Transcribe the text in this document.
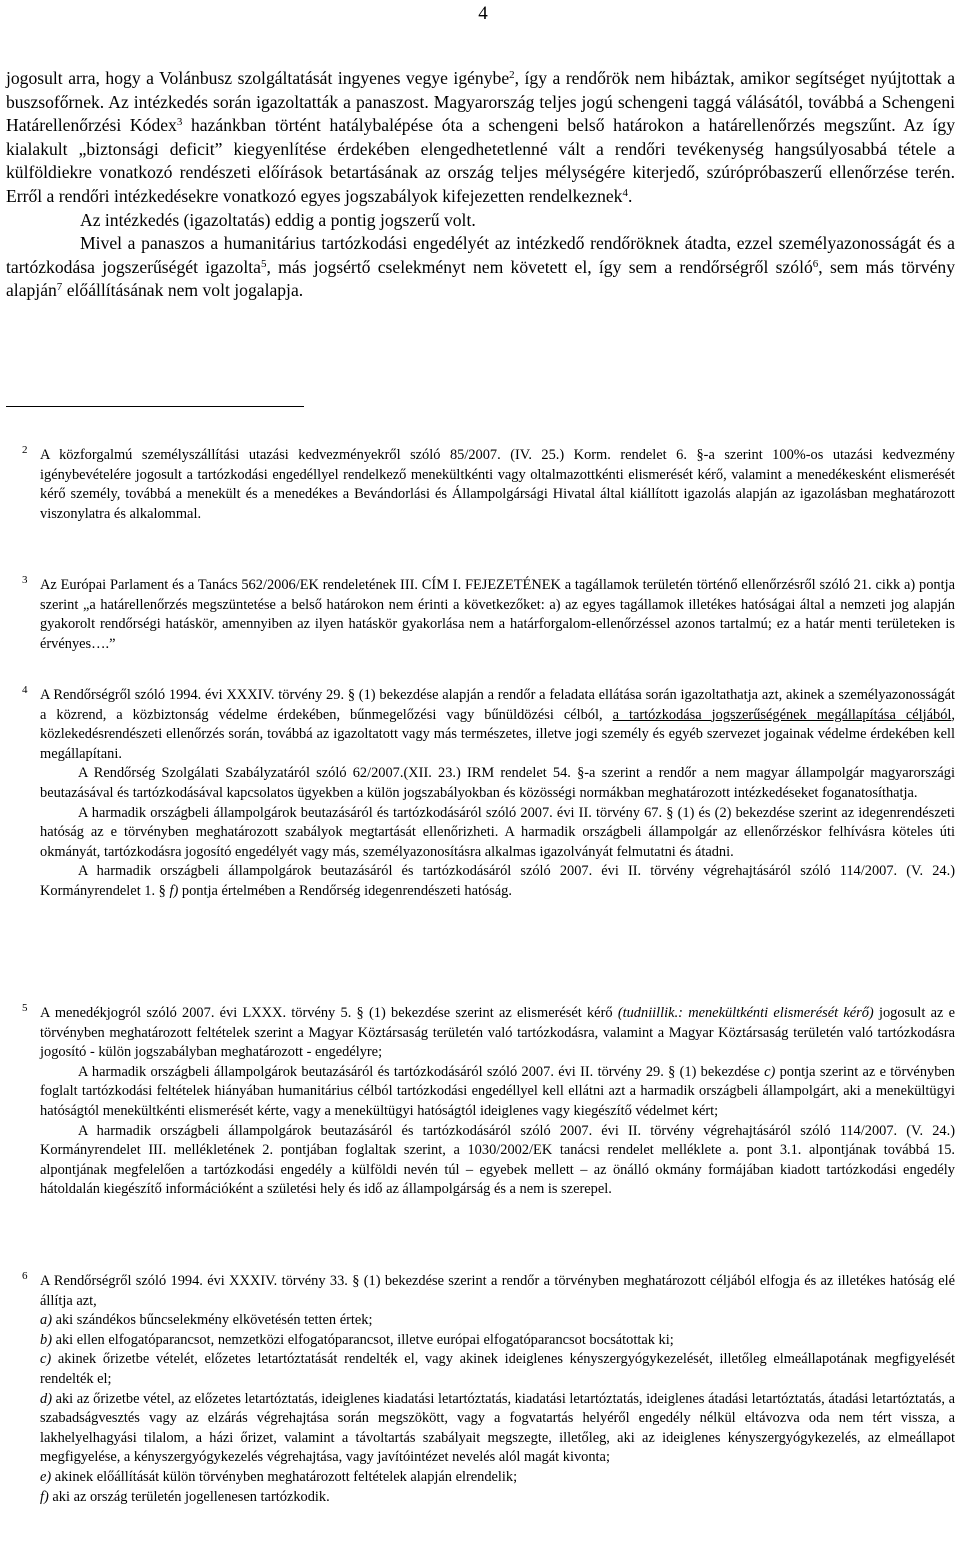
4

jogosult arra, hogy a Volánbusz szolgáltatását ingyenes vegye igénybe$^2$, így a rendőrök nem hibáztak, amikor segítséget nyújtottak a buszsofőrnek. Az intézkedés során igazoltatták a panaszost. Magyarország teljes jogú schengeni taggá válásától, továbbá a Schengeni Határellenőrzési Kódex$^3$ hazánkban történt hatálybalépése óta a schengeni belső határokon a határellenőrzés megszűnt. Az így kialakult „biztonsági deficit” kiegyenlítése érdekében elengedhetetlenné vált a rendőri tevékenység hangsúlyosabbá tétele a külföldiekre vonatkozó rendészeti előírások betartásának az ország teljes mélységére kiterjedő, szúrópróbaszerű ellenőrzése terén. Erről a rendőri intézkedésekre vonatkozó egyes jogszabályok kifejezetten rendelkeznek$^4$.

Az intézkedés (igazoltatás) eddig a pontig jogszerű volt.

Mivel a panaszos a humanitárius tartózkodási engedélyét az intézkedő rendőröknek átadta, ezzel személyazonosságát és a tartózkodása jogszerűségét igazolta$^5$, más jogsértő cselekményt nem követett el, így sem a rendőrségről szóló$^6$, sem más törvény alapján$^7$ előállításának nem volt jogalapja.

2 A közforgalmú személyszállítási utazási kedvezményekről szóló 85/2007. (IV. 25.) Korm. rendelet 6. §-a szerint 100%-os utazási kedvezmény igénybevételére jogosult a tartózkodási engedéllyel rendelkező menekültkénti vagy oltalmazottkénti elismerését kérő, valamint a menedékesként elismerését kérő személy, továbbá a menekült és a menedékes a Bevándorlási és Állampolgársági Hivatal által kiállított igazolás alapján az igazolásban meghatározott viszonylatra és alkalommal.

3 Az Európai Parlament és a Tanács 562/2006/EK rendeletének III. CÍM I. FEJEZETÉNEK a tagállamok területén történő ellenőrzésről szóló 21. cikk a) pontja szerint „a határellenőrzés megszüntetése a belső határokon nem érinti a következőket: a) az egyes tagállamok illetékes hatóságai által a nemzeti jog alapján gyakorolt rendőrségi hatáskör, amennyiben az ilyen hatáskör gyakorlása nem a határforgalom-ellenőrzéssel azonos tartalmú; ez a határ menti területeken is érvényes….”

4 A Rendőrségről szóló 1994. évi XXXIV. törvény 29. § (1) bekezdése alapján a rendőr a feladata ellátása során igazoltathatja azt, akinek a személyazonosságát a közrend, a közbiztonság védelme érdekében, bűnmegelőzési vagy bűnüldözési célból, a tartózkodása jogszerűségének megállapítása céljából, közlekedésrendészeti ellenőrzés során, továbbá az igazoltatott vagy más természetes, illetve jogi személy és egyéb szervezet jogainak védelme érdekében kell megállapítani.

A Rendőrség Szolgálati Szabályzatáról szóló 62/2007.(XII. 23.) IRM rendelet 54. §-a szerint a rendőr a nem magyar állampolgár magyarországi beutazásával és tartózkodásával kapcsolatos ügyekben a külön jogszabályokban és közösségi normákban meghatározott intézkedéseket foganatosíthatja.

A harmadik országbeli állampolgárok beutazásáról és tartózkodásáról szóló 2007. évi II. törvény 67. § (1) és (2) bekezdése szerint az idegenrendészeti hatóság az e törvényben meghatározott szabályok megtartását ellenőrizheti. A harmadik országbeli állampolgár az ellenőrzéskor felhívásra köteles úti okmányát, tartózkodásra jogosító engedélyét vagy más, személyazonosításra alkalmas igazolványát felmutatni és átadni.

A harmadik országbeli állampolgárok beutazásáról és tartózkodásáról szóló 2007. évi II. törvény végrehajtásáról szóló 114/2007. (V. 24.) Kormányrendelet 1. § f) pontja értelmében a Rendőrség idegenrendészeti hatóság.

5 A menedékjogról szóló 2007. évi LXXX. törvény 5. § (1) bekezdése szerint az elismerését kérő (tudniillik.: menekültkénti elismerését kérő) jogosult az e törvényben meghatározott feltételek szerint a Magyar Köztársaság területén való tartózkodásra, valamint a Magyar Köztársaság területén való tartózkodásra jogosító - külön jogszabályban meghatározott - engedélyre;

A harmadik országbeli állampolgárok beutazásáról és tartózkodásáról szóló 2007. évi II. törvény 29. § (1) bekezdése c) pontja szerint az e törvényben foglalt tartózkodási feltételek hiányában humanitárius célból tartózkodási engedéllyel kell ellátni azt a harmadik országbeli állampolgárt, aki a menekültügyi hatóságtól menekültkénti elismerését kérte, vagy a menekültügyi hatóságtól ideiglenes vagy kiegészítő védelmet kért;

A harmadik országbeli állampolgárok beutazásáról és tartózkodásáról szóló 2007. évi II. törvény végrehajtásáról szóló 114/2007. (V. 24.) Kormányrendelet III. mellékletének 2. pontjában foglaltak szerint, a 1030/2002/EK tanácsi rendelet melléklete a. pont 3.1. alpontjának továbbá 15. alpontjának megfelelően a tartózkodási engedély a külföldi nevén túl – egyebek mellett – az önálló okmány formájában kiadott tartózkodási engedély hátoldalán kiegészítő információként a születési hely és idő az állampolgárság és a nem is szerepel.

6 A Rendőrségről szóló 1994. évi XXXIV. törvény 33. § (1) bekezdése szerint a rendőr a törvényben meghatározott céljából elfogja és az illetékes hatóság elé állítja azt,

a) aki szándékos bűncselekmény elkövetésén tetten értek;

b) aki ellen elfogatóparancsot, nemzetközi elfogatóparancsot, illetve európai elfogatóparancsot bocsátottak ki;

c) akinek őrizetbe vételét, előzetes letartóztatását rendelték el, vagy akinek ideiglenes kényszergyógykezelését, illetőleg elmeállapotának megfigyelését rendelték el;

d) aki az őrizetbe vétel, az előzetes letartóztatás, ideiglenes kiadatási letartóztatás, kiadatási letartóztatás, ideiglenes átadási letartóztatás, átadási letartóztatás, a szabadságvesztés vagy az elzárás végrehajtása során megszökött, vagy a fogvatartás helyéről engedély nélkül eltávozva oda nem tért vissza, a lakhelyelhagyási tilalom, a házi őrizet, valamint a távoltartás szabályait megszegte, illetőleg, aki az ideiglenes kényszergyógykezelés, az elmeállapot megfigyelése, a kényszergyógykezelés végrehajtása, vagy javítóintézet nevelés alól magát kivonta;

e) akinek előállítását külön törvényben meghatározott feltételek alapján elrendelik;

f) aki az ország területén jogellenesen tartózkodik.
